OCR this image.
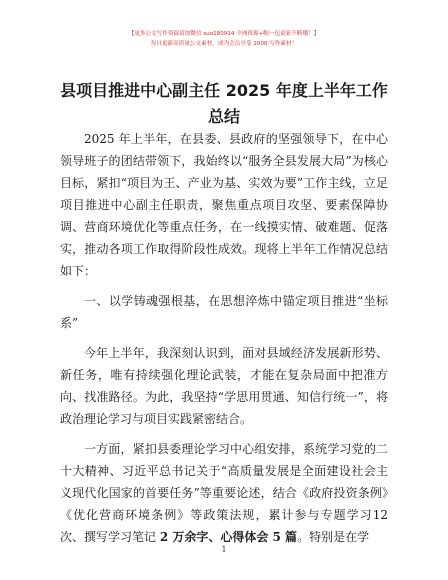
【更多公文写作资源请加微信 suo180914 全网资源+帽一包更新不断哦！】
每日更新高质量公文素材，成为会员享受 2000 写作素材！
县项目推进中心副主任 2025 年度上半年工作总结

2025 年上半年，在县委、县政府的坚强领导下，在中心领导班子的团结带领下，我始终以“服务全县发展大局”为核心目标，紧扣“项目为王、产业为基、实效为要”工作主线，立足项目推进中心副主任职责，聚焦重点项目攻坚、要素保障协调、营商环境优化等重点任务，在一线摸实情、破难题、促落实，推动各项工作取得阶段性成效。现将上半年工作情况总结如下：

一、以学铸魂强根基，在思想淬炼中锚定项目推进“坐标系”

今年上半年，我深刻认识到，面对县域经济发展新形势、新任务，唯有持续强化理论武装，才能在复杂局面中把准方向、找准路径。为此，我坚持“学思用贯通、知信行统一”，将政治理论学习与项目实践紧密结合。

一方面，紧扣县委理论学习中心组安排，系统学习党的二十大精神、习近平总书记关于“高质量发展是全面建设社会主义现代化国家的首要任务”等重要论述，结合《政府投资条例》《优化营商环境条例》等政策法规，累计参与专题学习12 次、撰写学习笔记 2 万余字、心得体会 5 篇。特别是在学

1
